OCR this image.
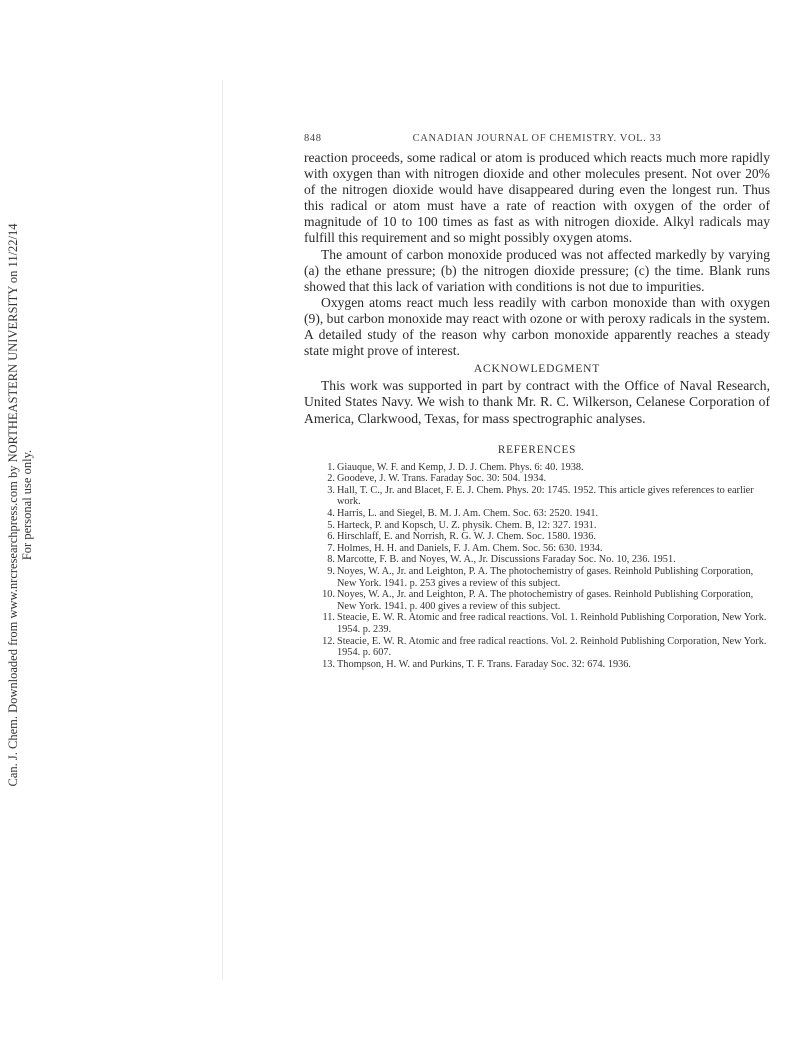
Can. J. Chem. Downloaded from www.nrcresearchpress.com by NORTHEASTERN UNIVERSITY on 11/22/14 For personal use only.
848	CANADIAN JOURNAL OF CHEMISTRY. VOL. 33

reaction proceeds, some radical or atom is produced which reacts much more rapidly with oxygen than with nitrogen dioxide and other molecules present. Not over 20% of the nitrogen dioxide would have disappeared during even the longest run. Thus this radical or atom must have a rate of reaction with oxygen of the order of magnitude of 10 to 100 times as fast as with nitrogen dioxide. Alkyl radicals may fulfill this requirement and so might possibly oxygen atoms.

The amount of carbon monoxide produced was not affected markedly by varying (a) the ethane pressure; (b) the nitrogen dioxide pressure; (c) the time. Blank runs showed that this lack of variation with conditions is not due to impurities.

Oxygen atoms react much less readily with carbon monoxide than with oxygen (9), but carbon monoxide may react with ozone or with peroxy radicals in the system. A detailed study of the reason why carbon monoxide apparently reaches a steady state might prove of interest.

ACKNOWLEDGMENT

This work was supported in part by contract with the Office of Naval Research, United States Navy. We wish to thank Mr. R. C. Wilkerson, Celanese Corporation of America, Clarkwood, Texas, for mass spectrographic analyses.

REFERENCES
1. Giauque, W. F. and Kemp, J. D. J. Chem. Phys. 6: 40. 1938.
2. Goodeve, J. W. Trans. Faraday Soc. 30: 504. 1934.
3. Hall, T. C., Jr. and Blacet, F. E. J. Chem. Phys. 20: 1745. 1952. This article gives references to earlier work.
4. Harris, L. and Siegel, B. M. J. Am. Chem. Soc. 63: 2520. 1941.
5. Harteck, P. and Kopsch, U. Z. physik. Chem. B, 12: 327. 1931.
6. Hirschlaff, E. and Norrish, R. G. W. J. Chem. Soc. 1580. 1936.
7. Holmes, H. H. and Daniels, F. J. Am. Chem. Soc. 56: 630. 1934.
8. Marcotte, F. B. and Noyes, W. A., Jr. Discussions Faraday Soc. No. 10, 236. 1951.
9. Noyes, W. A., Jr. and Leighton, P. A. The photochemistry of gases. Reinhold Publishing Corporation, New York. 1941. p. 253 gives a review of this subject.
10. Noyes, W. A., Jr. and Leighton, P. A. The photochemistry of gases. Reinhold Publishing Corporation, New York. 1941. p. 400 gives a review of this subject.
11. Steacie, E. W. R. Atomic and free radical reactions. Vol. 1. Reinhold Publishing Corporation, New York. 1954. p. 239.
12. Steacie, E. W. R. Atomic and free radical reactions. Vol. 2. Reinhold Publishing Corporation, New York. 1954. p. 607.
13. Thompson, H. W. and Purkins, T. F. Trans. Faraday Soc. 32: 674. 1936.
